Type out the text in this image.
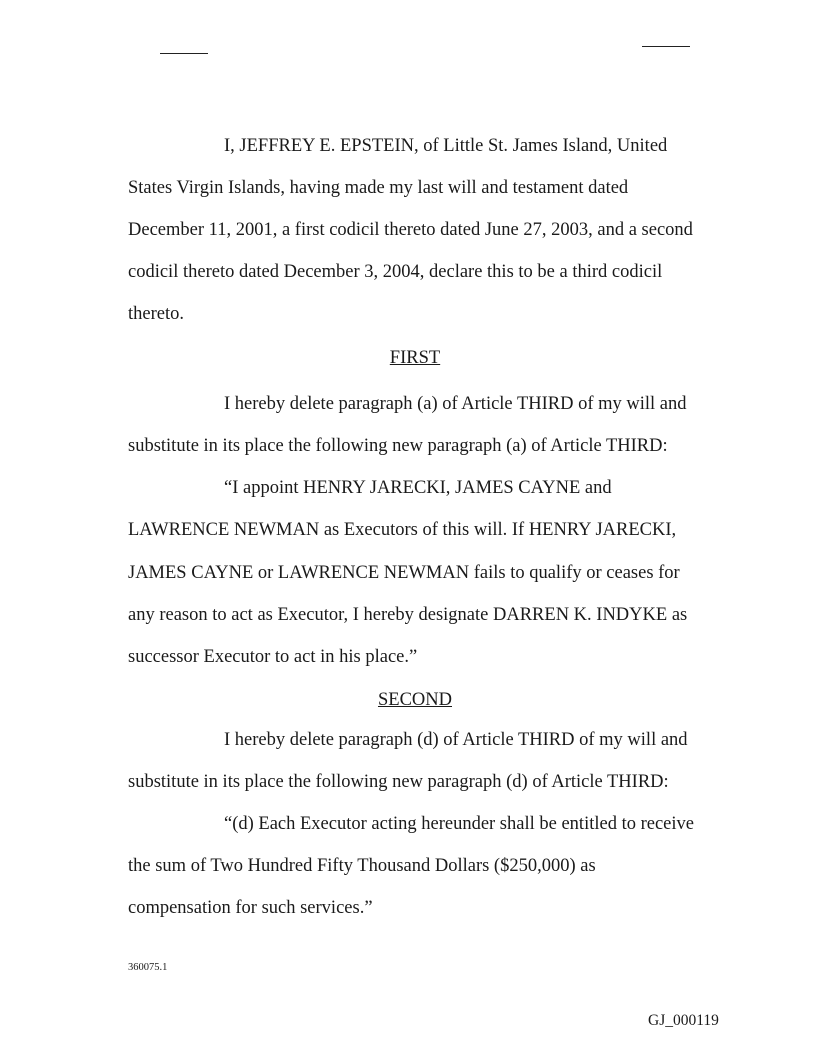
I, JEFFREY E. EPSTEIN, of Little St. James Island, United
States Virgin Islands, having made my last will and testament dated
December 11, 2001, a first codicil thereto dated June 27, 2003, and a second
codicil thereto dated December 3, 2004, declare this to be a third codicil
thereto.
FIRST
I hereby delete paragraph (a) of Article THIRD of my will and
substitute in its place the following new paragraph (a) of Article THIRD:
“I appoint HENRY JARECKI, JAMES CAYNE and
LAWRENCE NEWMAN as Executors of this will. If HENRY JARECKI,
JAMES CAYNE or LAWRENCE NEWMAN fails to qualify or ceases for
any reason to act as Executor, I hereby designate DARREN K. INDYKE as
successor Executor to act in his place.”
SECOND
I hereby delete paragraph (d) of Article THIRD of my will and
substitute in its place the following new paragraph (d) of Article THIRD:
“(d) Each Executor acting hereunder shall be entitled to receive
the sum of Two Hundred Fifty Thousand Dollars ($250,000) as
compensation for such services.”
360075.1
GJ_000119
